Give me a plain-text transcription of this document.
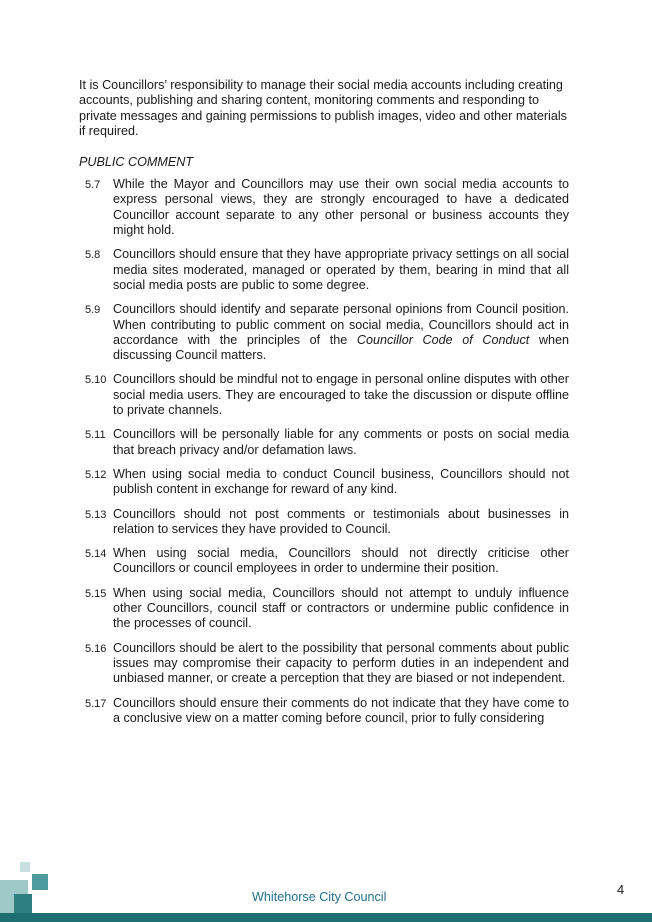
It is Councillors’ responsibility to manage their social media accounts including creating accounts, publishing and sharing content, monitoring comments and responding to private messages and gaining permissions to publish images, video and other materials if required.

PUBLIC COMMENT

5.7	While the Mayor and Councillors may use their own social media accounts to express personal views, they are strongly encouraged to have a dedicated Councillor account separate to any other personal or business accounts they might hold.
5.8	Councillors should ensure that they have appropriate privacy settings on all social media sites moderated, managed or operated by them, bearing in mind that all social media posts are public to some degree.
5.9	Councillors should identify and separate personal opinions from Council position. When contributing to public comment on social media, Councillors should act in accordance with the principles of the Councillor Code of Conduct when discussing Council matters.
5.10 Councillors should be mindful not to engage in personal online disputes with other social media users. They are encouraged to take the discussion or dispute offline to private channels.
5.11 Councillors will be personally liable for any comments or posts on social media that breach privacy and/or defamation laws.
5.12 When using social media to conduct Council business, Councillors should not publish content in exchange for reward of any kind.
5.13 Councillors should not post comments or testimonials about businesses in relation to services they have provided to Council.
5.14 When using social media, Councillors should not directly criticise other Councillors or council employees in order to undermine their position.
5.15 When using social media, Councillors should not attempt to unduly influence other Councillors, council staff or contractors or undermine public confidence in the processes of council.
5.16 Councillors should be alert to the possibility that personal comments about public issues may compromise their capacity to perform duties in an independent and unbiased manner, or create a perception that they are biased or not independent.
5.17 Councillors should ensure their comments do not indicate that they have come to a conclusive view on a matter coming before council, prior to fully considering
Whitehorse City Council	4
